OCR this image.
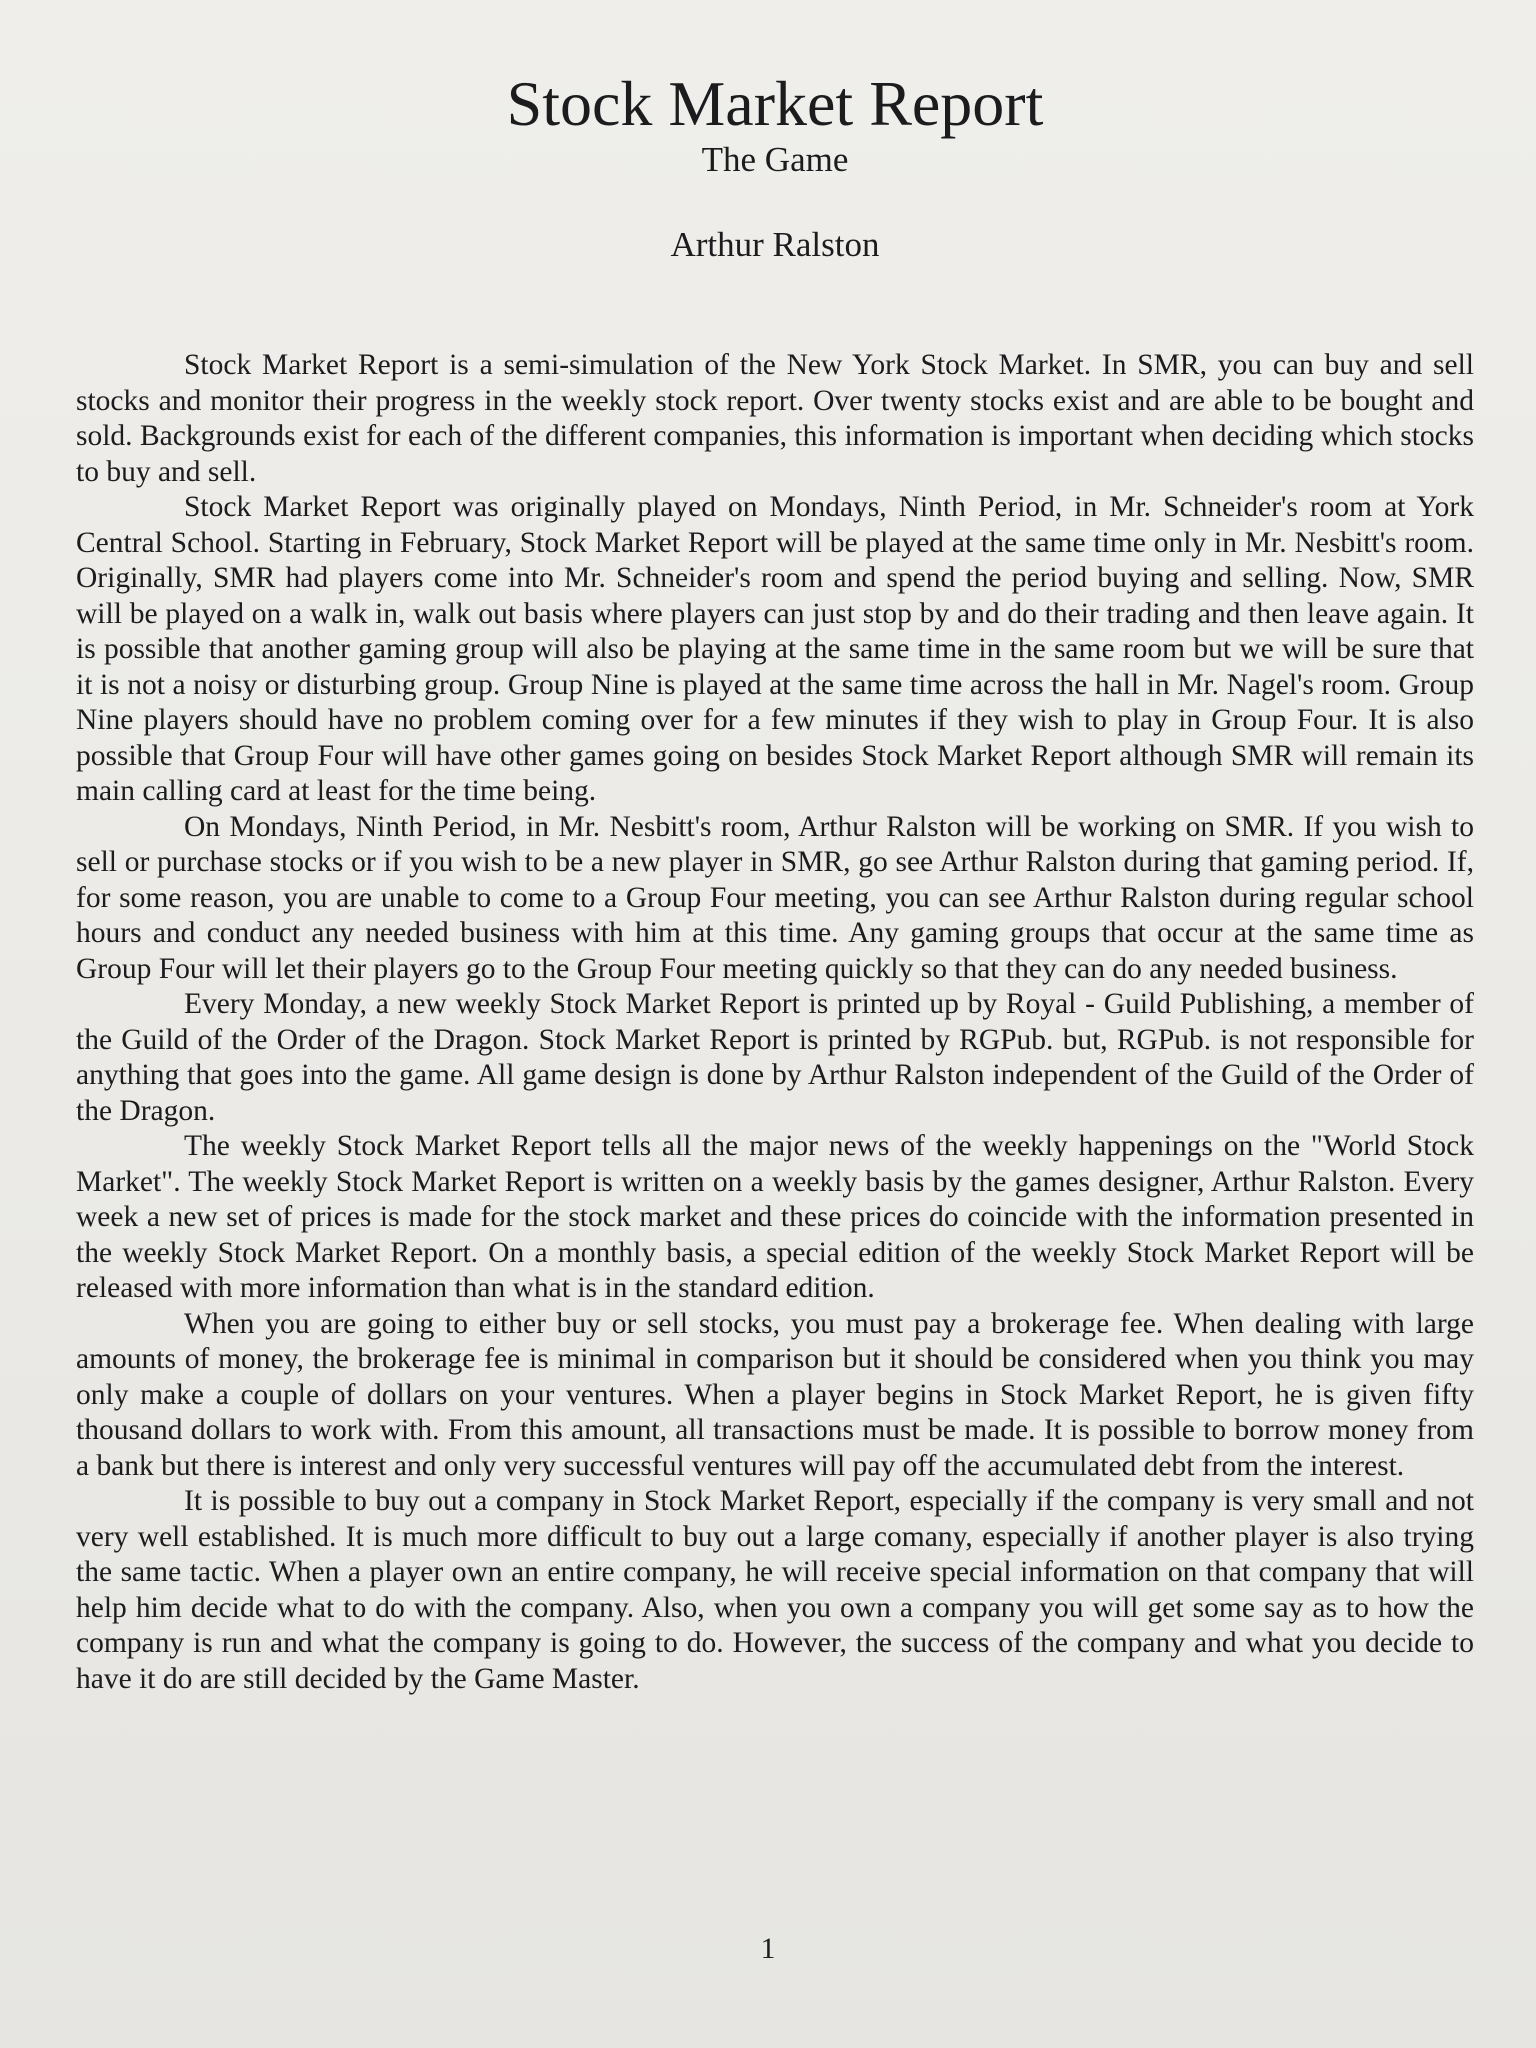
Stock Market Report
The Game
Arthur Ralston

Stock Market Report is a semi-simulation of the New York Stock Market. In SMR, you can buy and sell stocks and monitor their progress in the weekly stock report. Over twenty stocks exist and are able to be bought and sold. Backgrounds exist for each of the different companies, this information is important when deciding which stocks to buy and sell.

Stock Market Report was originally played on Mondays, Ninth Period, in Mr. Schneider's room at York Central School. Starting in February, Stock Market Report will be played at the same time only in Mr. Nesbitt's room. Originally, SMR had players come into Mr. Schneider's room and spend the period buying and selling. Now, SMR will be played on a walk in, walk out basis where players can just stop by and do their trading and then leave again. It is possible that another gaming group will also be playing at the same time in the same room but we will be sure that it is not a noisy or disturbing group. Group Nine is played at the same time across the hall in Mr. Nagel's room. Group Nine players should have no problem coming over for a few minutes if they wish to play in Group Four. It is also possible that Group Four will have other games going on besides Stock Market Report although SMR will remain its main calling card at least for the time being.

On Mondays, Ninth Period, in Mr. Nesbitt's room, Arthur Ralston will be working on SMR. If you wish to sell or purchase stocks or if you wish to be a new player in SMR, go see Arthur Ralston during that gaming period. If, for some reason, you are unable to come to a Group Four meeting, you can see Arthur Ralston during regular school hours and conduct any needed business with him at this time. Any gaming groups that occur at the same time as Group Four will let their players go to the Group Four meeting quickly so that they can do any needed business.

Every Monday, a new weekly Stock Market Report is printed up by Royal - Guild Publishing, a member of the Guild of the Order of the Dragon. Stock Market Report is printed by RGPub. but, RGPub. is not responsible for anything that goes into the game. All game design is done by Arthur Ralston independent of the Guild of the Order of the Dragon.

The weekly Stock Market Report tells all the major news of the weekly happenings on the "World Stock Market". The weekly Stock Market Report is written on a weekly basis by the games designer, Arthur Ralston. Every week a new set of prices is made for the stock market and these prices do coincide with the information presented in the weekly Stock Market Report. On a monthly basis, a special edition of the weekly Stock Market Report will be released with more information than what is in the standard edition.

When you are going to either buy or sell stocks, you must pay a brokerage fee. When dealing with large amounts of money, the brokerage fee is minimal in comparison but it should be considered when you think you may only make a couple of dollars on your ventures. When a player begins in Stock Market Report, he is given fifty thousand dollars to work with. From this amount, all transactions must be made. It is possible to borrow money from a bank but there is interest and only very successful ventures will pay off the accumulated debt from the interest.

It is possible to buy out a company in Stock Market Report, especially if the company is very small and not very well established. It is much more difficult to buy out a large comany, especially if another player is also trying the same tactic. When a player own an entire company, he will receive special information on that company that will help him decide what to do with the company. Also, when you own a company you will get some say as to how the company is run and what the company is going to do. However, the success of the company and what you decide to have it do are still decided by the Game Master.

1
